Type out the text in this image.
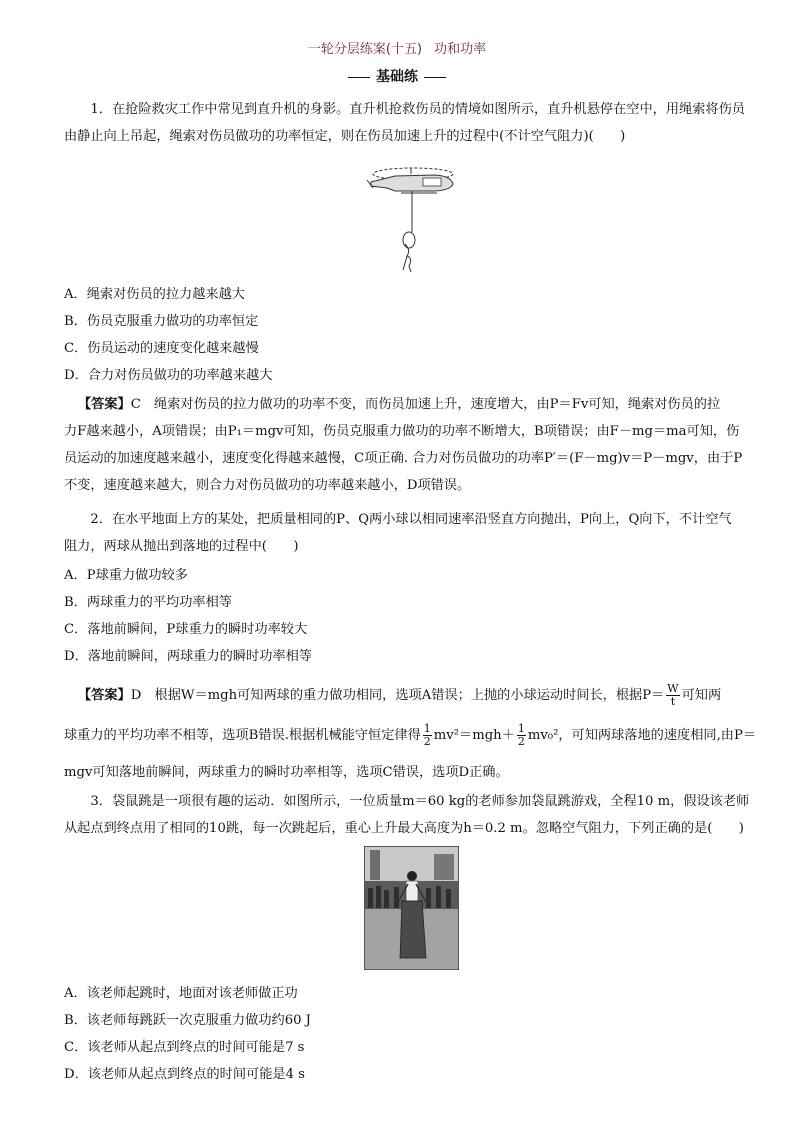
一轮分层练案(十五) 功和功率
基础练
1．在抢险救灾工作中常见到直升机的身影。直升机抢救伤员的情境如图所示，直升机悬停在空中，用绳索将伤员
由静止向上吊起，绳索对伤员做功的功率恒定，则在伤员加速上升的过程中(不计空气阻力)(　　)
A．绳索对伤员的拉力越来越大
B．伤员克服重力做功的功率恒定
C．伤员运动的速度变化越来越慢
D．合力对伤员做功的功率越来越大
【答案】C　绳索对伤员的拉力做功的功率不变，而伤员加速上升，速度增大，由P＝Fv可知，绳索对伤员的拉
力F越来越小，A项错误；由P₁＝mgv可知，伤员克服重力做功的功率不断增大，B项错误；由F－mg＝ma可知，伤
员运动的加速度越来越小，速度变化得越来越慢，C项正确. 合力对伤员做功的功率P′＝(F－mg)v＝P－mgv，由于P
不变，速度越来越大，则合力对伤员做功的功率越来越小，D项错误。
2．在水平地面上方的某处，把质量相同的P、Q两小球以相同速率沿竖直方向抛出，P向上，Q向下，不计空气
阻力，两球从抛出到落地的过程中(　　)
A．P球重力做功较多
B．两球重力的平均功率相等
C．落地前瞬间，P球重力的瞬时功率较大
D．落地前瞬间，两球重力的瞬时功率相等
【答案】D　根据W＝mgh可知两球的重力做功相同，选项A错误；上抛的小球运动时间长，根据$P= \frac{W}{t}$ 可知两
球重力的平均功率不相等，选项B错误.根据机械能守恒定律得 $\frac{1}{2} mv^2=mgh+ \frac{1}{2} mv_0^2$，可知两球落地的速度相同,由P＝
mgv可知落地前瞬间，两球重力的瞬时功率相等，选项C错误，选项D正确。
3．袋鼠跳是一项很有趣的运动．如图所示，一位质量m＝60 kg的老师参加袋鼠跳游戏，全程10 m，假设该老师
从起点到终点用了相同的10跳，每一次跳起后，重心上升最大高度为h＝0.2 m。忽略空气阻力，下列正确的是(　　)
A．该老师起跳时，地面对该老师做正功
B．该老师每跳跃一次克服重力做功约60 J
C．该老师从起点到终点的时间可能是7 s
D．该老师从起点到终点的时间可能是4 s
